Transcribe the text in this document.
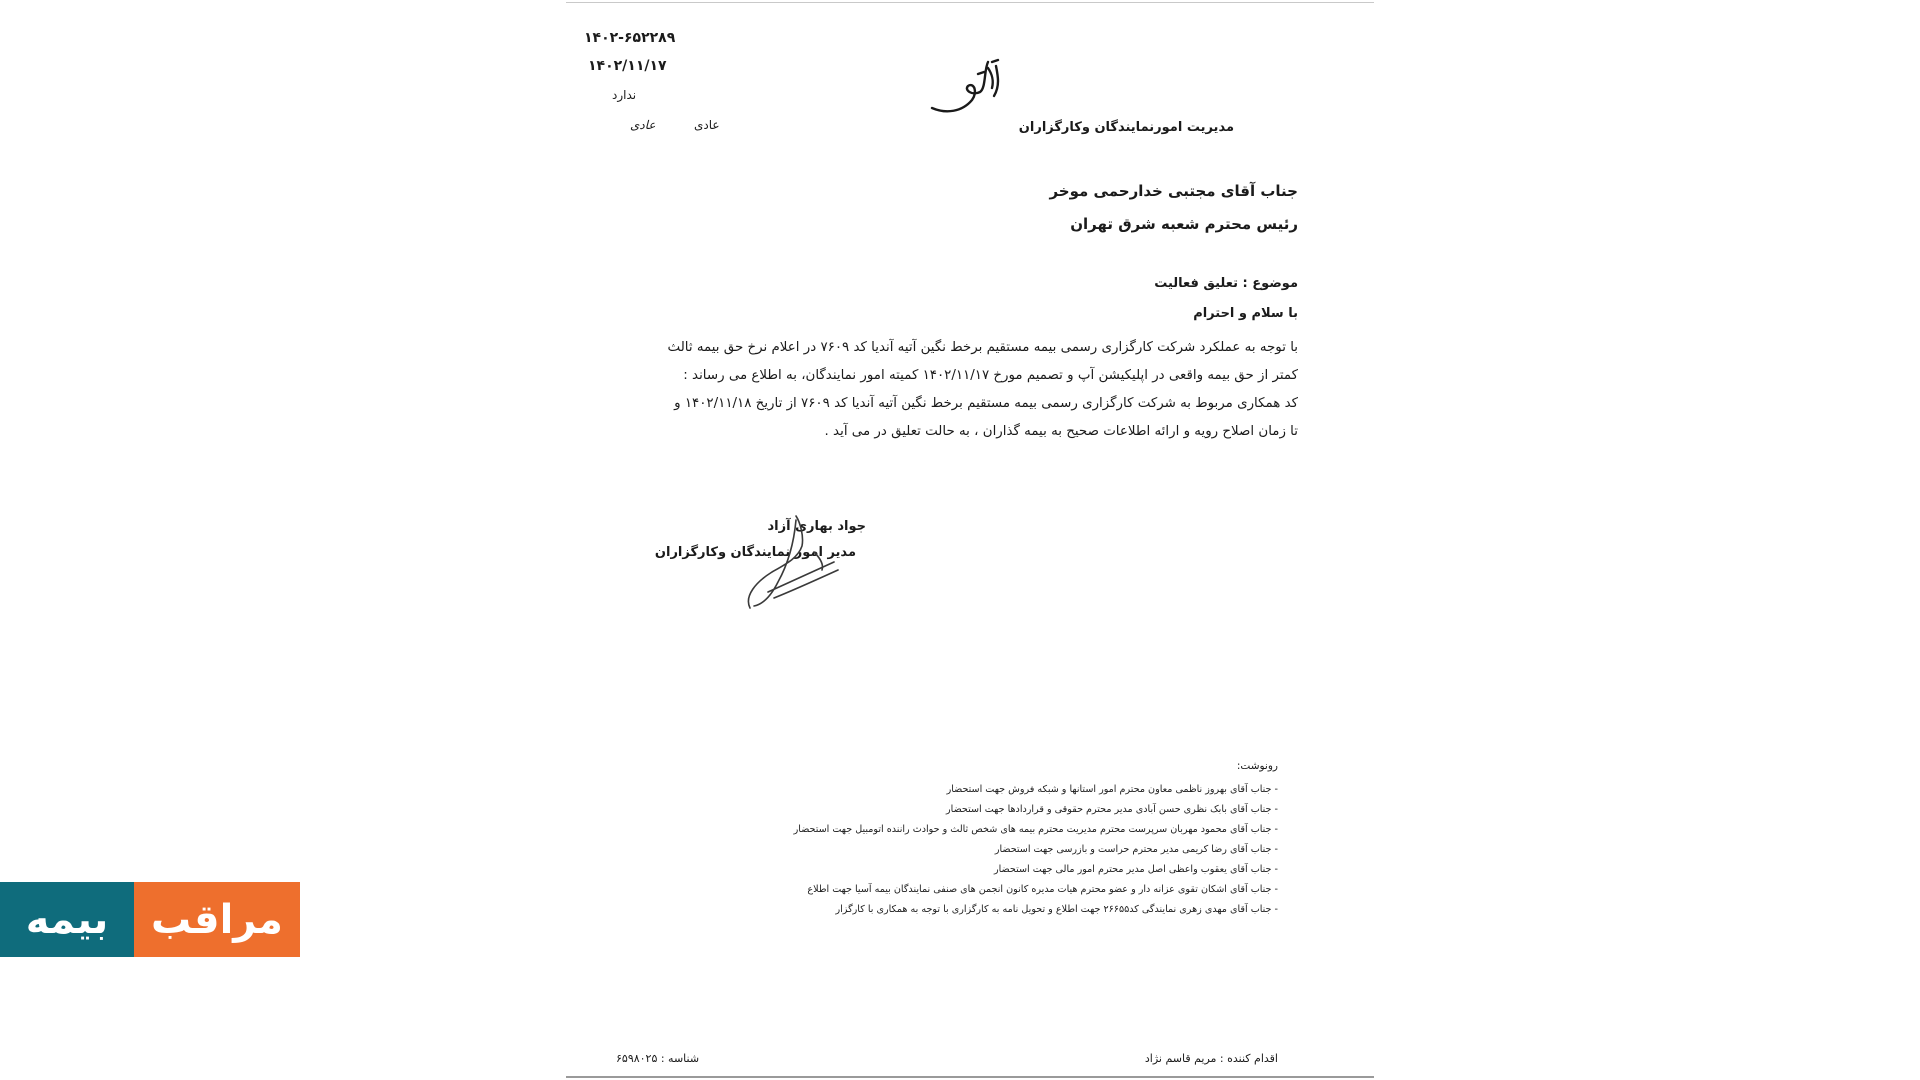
۱۴۰۲-۶۵۲۲۸۹
۱۴۰۲/۱۱/۱۷
ندارد
عادی
عادی	مدیریت امورنمایندگان وکارگزاران
جناب آقای مجتبی خدارحمی موخر
رئیس محترم شعبه شرق تهران
موضوع : تعلیق فعالیت
با سلام و احترام
با توجه به عملکرد شرکت کارگزاری رسمی بیمه مستقیم برخط نگین آتیه آندیا کد ۷۶۰۹ در اعلام نرخ حق بیمه ثالث
کمتر از حق بیمه واقعی در اپلیکیشن آپ و تصمیم مورخ ۱۴۰۲/۱۱/۱۷ کمیته امور نمایندگان، به اطلاع می رساند :
کد همکاری مربوط به شرکت کارگزاری رسمی بیمه مستقیم برخط نگین آتیه آندیا کد ۷۶۰۹ از تاریخ ۱۴۰۲/۱۱/۱۸ و
تا زمان اصلاح رویه و ارائه اطلاعات صحیح به بیمه گذاران ، به حالت تعلیق در می آید .
جواد بهاری آزاد
مدیر امور نمایندگان وکارگزاران
رونوشت:
- جناب آقای بهروز ناظمی معاون محترم امور استانها و شبکه فروش جهت استحضار
- جناب آقای بابک نظری حسن آبادی مدیر محترم حقوقی و قراردادها جهت استحضار
- جناب آقای محمود مهربان سرپرست محترم مدیریت محترم بیمه های شخص ثالث و حوادث راننده اتومبیل جهت استحضار
- جناب آقای رضا کریمی مدیر محترم حراست و بازرسی جهت استحضار
- جناب آقای یعقوب واعظی اصل مدیر محترم امور مالی جهت استحضار
- جناب آقای اشکان تقوی عزانه دار و عضو محترم هیات مدیره کانون انجمن های صنفی نمایندگان بیمه آسیا جهت اطلاع
- جناب آقای مهدی زهری نمایندگی کد۲۶۶۵۵ جهت اطلاع و تحویل نامه به کارگزاری با توجه به همکاری با کارگزار
اقدام کننده : مریم قاسم نژاد
شناسه : ۶۵۹۸۰۲۵
مراقب
بیمه
